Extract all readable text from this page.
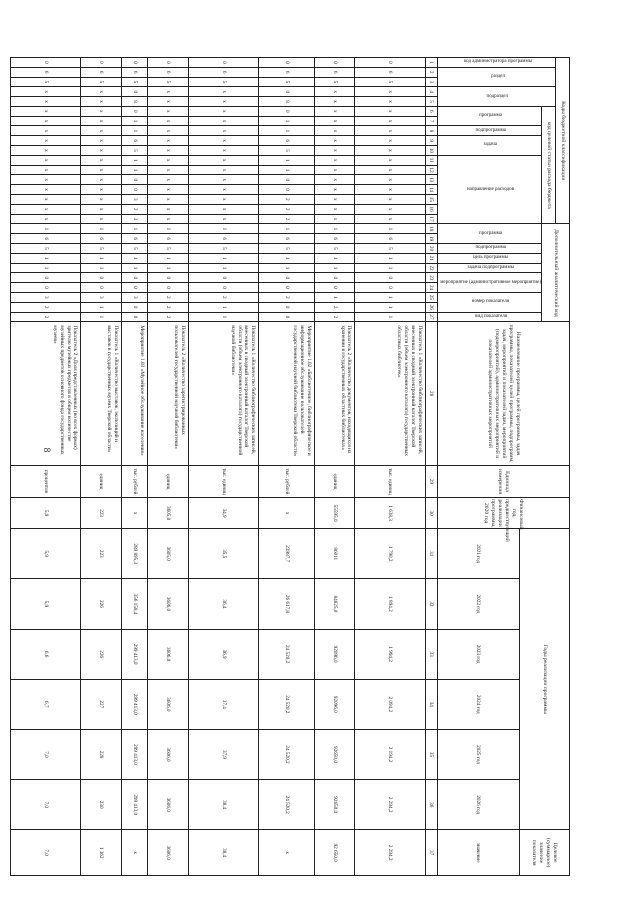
8
Коды бюджетной классификации																	Дополнительный аналитический код										Наименование программы, целей программы, задач программы, показателей целей программы, подпрограмм, задач, мероприятий и показателей задач, мероприятий (подмероприятий), административных мероприятий и показателей административных мероприятий	Единица измерения	Финансовый год, предшествующий реализации программы, 2020 год	Годы реализации программы						Целевое (суммарное) значение показателя
код администратора программы	раздел		подраздел		код целевой статьи расхода бюджета																															
					программа		подпрограмма	задача		направление расходов							программа		подпрограмма	цель программы	задача подпрограммы	мероприятие (административное мероприятие)		номер показателя		вид показателя										
																														2021 год	2022 год	2023 год	2024 год	2025 год	2026 год	значение
1	2	3	4	5	6	7	8	9	10	11	12	13	14	15	16	17	18	19	20	21	22	23	24	25	26	27	28	29	30	31	32	33	34	35	36	37
0	6	5	х	х	х	х	х	х	х	х	х	х	х	х	х	х	1	6	5	1	1	0	0	1	1	1	Показатель 1 «Количество библиографических записей, внесенных в сводный электронный каталог Тверской области (объем электронного каталога) государственных областных библиотек»	тыс. единиц	1 638,3	1 790,2	1 894,2	1 994,2	2 094,2	2 194,2	2 294,2	2 294,2
0	6	5	х	х	х	х	х	х	х	х	х	х	х	х	х	х	1	6	5	1	1	0	0	1	2	2	Показатель 2 «Количество документов, находящихся на хранении в государственных областных библиотеках»	единиц	55595,0	86011	84825,0	92096,0	92096,0	92650,0	92650,0	92 650,0
0	6	5	0	8	0	1	1	6	5	1	1	0	0	2	2	2	1	6	5	1	1	0	0	2	0	0	Мероприятие 1.02 «Библиотечное, библиографическое и информационное обслуживание пользователей государственной научной библиотеки Тверской области»	тыс. рублей	х	23987,7	26 617,8	24 520,2	24 520,2	24 520,2	24 520,2	х
0	6	5	х	х	х	х	х	х	х	х	х	х	х	х	х	х	1	6	5	1	1	0	0	2	1	1	Показатель 1 «Количество библиографических записей, внесенных в сводный электронный каталог Тверской области (объем электронного каталога) государственной научной библиотеки»	тыс. единиц	34,9	35,5	36,4	36,9	37,4	37,9	38,4	38,4
0	6	5	х	х	х	х	х	х	х	х	х	х	х	х	х	х	1	6	5	1	1	0	0	2	2	2	Показатель 2 «Количество зарегистрированных пользователей государственной научной библиотеки»	единиц	3605,0	3605,0	3606,0	3606,0	3606,0	3606,0	3606,0	3606,0
0	6	5	0	8	0	1	1	6	5	1	1	0	0	3	2	3	1	6	5	1	1	0	0	3	0	0	Мероприятие 1.03 «Музейное обслуживание населения»	тыс. рублей	х	289 895,3	356 158,4	299 413,0	299 413,0	299 413,0	299 413,0	х
0	6	5	х	х	х	х	х	х	х	х	х	х	х	х	х	х	1	6	5	1	1	0	0	3	1	1	Показатель 1 «Количество выставок, экспозиций и выставок в государственных музеях Тверской области»	единиц	223	223	226	226	227	228	230	1 362
0	6	5	х	х	х	х	х	х	х	х	х	х	х	х	х	х	1	6	5	1	1	0	0	3	2	2	Показатель 2 «Доля представленных (во всех формах) зрителю музейных предметов в общем количестве музейных предметов основного фонда государственных музеев»	процентов	5,9	5,9	5,9	6,6	6,7	7,0	7,0	7,0
